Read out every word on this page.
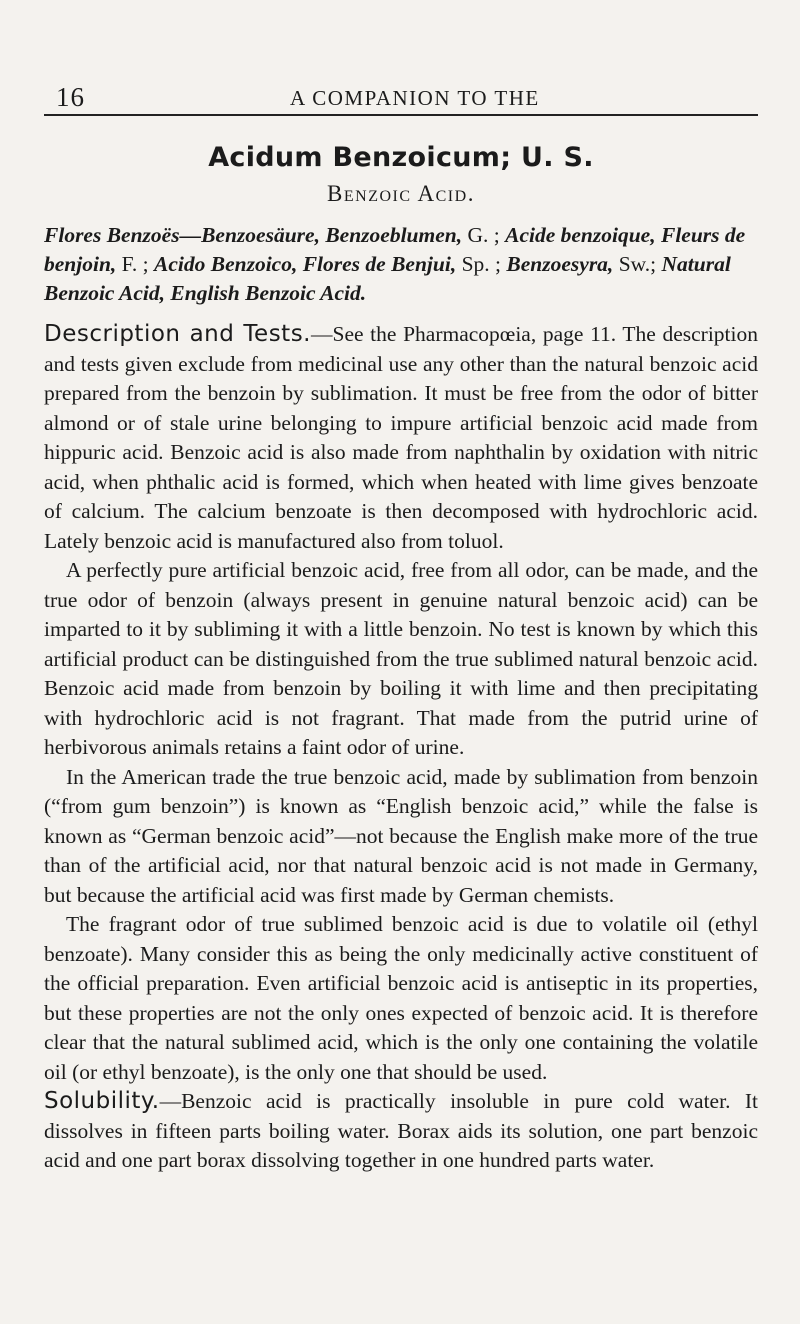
16	A COMPANION TO THE
Acidum Benzoicum; U. S.
Benzoic Acid.

Flores Benzoës—Benzoesäure, Benzoeblumen, G. ; Acide benzoique, Fleurs de benjoin, F. ; Acido Benzoico, Flores de Benjui, Sp. ; Benzoesyra, Sw.; Natural Benzoic Acid, English Benzoic Acid.

Description and Tests.—See the Pharmacopœia, page 11. The description and tests given exclude from medicinal use any other than the natural benzoic acid prepared from the benzoin by sublimation. It must be free from the odor of bitter almond or of stale urine belonging to impure artificial benzoic acid made from hippuric acid. Benzoic acid is also made from naphthalin by oxidation with nitric acid, when phthalic acid is formed, which when heated with lime gives benzoate of calcium. The calcium benzoate is then decomposed with hydrochloric acid. Lately benzoic acid is manufactured also from toluol.

A perfectly pure artificial benzoic acid, free from all odor, can be made, and the true odor of benzoin (always present in genuine natural benzoic acid) can be imparted to it by subliming it with a little benzoin. No test is known by which this artificial product can be distinguished from the true sublimed natural benzoic acid. Benzoic acid made from benzoin by boiling it with lime and then precipitating with hydrochloric acid is not fragrant. That made from the putrid urine of herbivorous animals retains a faint odor of urine.

In the American trade the true benzoic acid, made by sublimation from benzoin (“from gum benzoin”) is known as “English benzoic acid,” while the false is known as “German benzoic acid”—not because the English make more of the true than of the artificial acid, nor that natural benzoic acid is not made in Germany, but because the artificial acid was first made by German chemists.

The fragrant odor of true sublimed benzoic acid is due to volatile oil (ethyl benzoate). Many consider this as being the only medicinally active constituent of the official preparation. Even artificial benzoic acid is antiseptic in its properties, but these properties are not the only ones expected of benzoic acid. It is therefore clear that the natural sublimed acid, which is the only one containing the volatile oil (or ethyl benzoate), is the only one that should be used.

Solubility.—Benzoic acid is practically insoluble in pure cold water. It dissolves in fifteen parts boiling water. Borax aids its solution, one part benzoic acid and one part borax dissolving together in one hundred parts water.
